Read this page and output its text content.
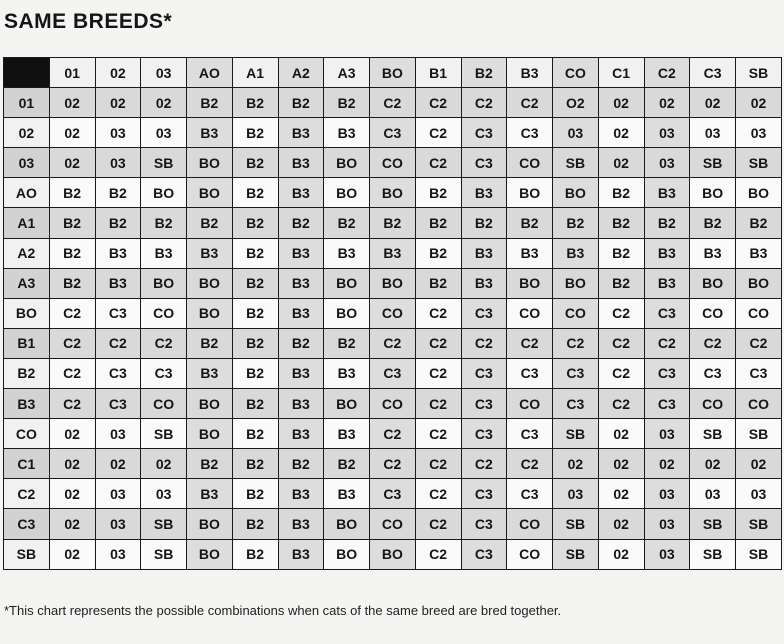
SAME BREEDS*
	01	02	03	AO	A1	A2	A3	BO	B1	B2	B3	CO	C1	C2	C3	SB
01	02	02	02	B2	B2	B2	B2	C2	C2	C2	C2	O2	02	02	02	02
02	02	03	03	B3	B2	B3	B3	C3	C2	C3	C3	03	02	03	03	03
03	02	03	SB	BO	B2	B3	BO	CO	C2	C3	CO	SB	02	03	SB	SB
AO	B2	B2	BO	BO	B2	B3	BO	BO	B2	B3	BO	BO	B2	B3	BO	BO
A1	B2	B2	B2	B2	B2	B2	B2	B2	B2	B2	B2	B2	B2	B2	B2	B2
A2	B2	B3	B3	B3	B2	B3	B3	B3	B2	B3	B3	B3	B2	B3	B3	B3
A3	B2	B3	BO	BO	B2	B3	BO	BO	B2	B3	BO	BO	B2	B3	BO	BO
BO	C2	C3	CO	BO	B2	B3	BO	CO	C2	C3	CO	CO	C2	C3	CO	CO
B1	C2	C2	C2	B2	B2	B2	B2	C2	C2	C2	C2	C2	C2	C2	C2	C2
B2	C2	C3	C3	B3	B2	B3	B3	C3	C2	C3	C3	C3	C2	C3	C3	C3
B3	C2	C3	CO	BO	B2	B3	BO	CO	C2	C3	CO	C3	C2	C3	CO	CO
CO	02	03	SB	BO	B2	B3	B3	C2	C2	C3	C3	SB	02	03	SB	SB
C1	02	02	02	B2	B2	B2	B2	C2	C2	C2	C2	02	02	02	02	02
C2	02	03	03	B3	B2	B3	B3	C3	C2	C3	C3	03	02	03	03	03
C3	02	03	SB	BO	B2	B3	BO	CO	C2	C3	CO	SB	02	03	SB	SB
SB	02	03	SB	BO	B2	B3	BO	BO	C2	C3	CO	SB	02	03	SB	SB
*This chart represents the possible combinations when cats of the same breed are bred together.
